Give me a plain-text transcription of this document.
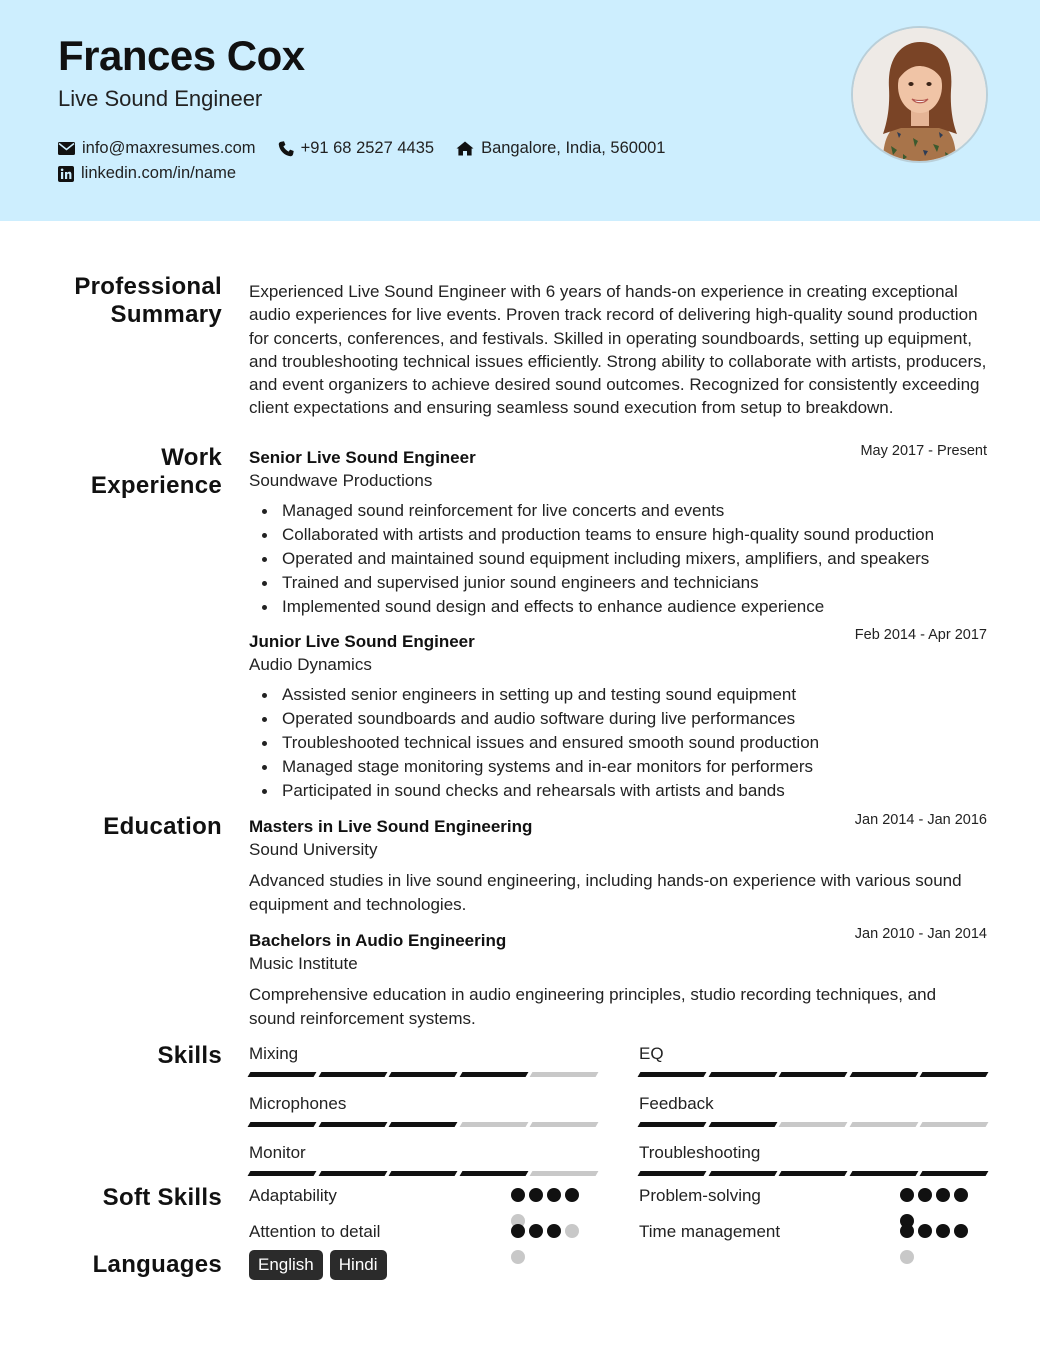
Frances Cox
Live Sound Engineer
info@maxresumes.com	+91 68 2527 4435	Bangalore, India, 560001
linkedin.com/in/name
Professional
Summary
Work
Experience
Education
Skills
Soft Skills
Languages
Experienced Live Sound Engineer with 6 years of hands-on experience in creating exceptional audio experiences for live events. Proven track record of delivering high-quality sound production for concerts, conferences, and festivals. Skilled in operating soundboards, setting up equipment, and troubleshooting technical issues efficiently. Strong ability to collaborate with artists, producers, and event organizers to achieve desired sound outcomes. Recognized for consistently exceeding client expectations and ensuring seamless sound execution from setup to breakdown.
Senior Live Sound Engineer
Soundwave Productions
May 2017 - Present
Managed sound reinforcement for live concerts and events
Collaborated with artists and production teams to ensure high-quality sound production
Operated and maintained sound equipment including mixers, amplifiers, and speakers
Trained and supervised junior sound engineers and technicians
Implemented sound design and effects to enhance audience experience
Junior Live Sound Engineer
Audio Dynamics
Feb 2014 - Apr 2017
Assisted senior engineers in setting up and testing sound equipment
Operated soundboards and audio software during live performances
Troubleshooted technical issues and ensured smooth sound production
Managed stage monitoring systems and in-ear monitors for performers
Participated in sound checks and rehearsals with artists and bands
Masters in Live Sound Engineering
Sound University
Jan 2014 - Jan 2016
Advanced studies in live sound engineering, including hands-on experience with various sound equipment and technologies.
Bachelors in Audio Engineering
Music Institute
Jan 2010 - Jan 2014
Comprehensive education in audio engineering principles, studio recording techniques, and sound reinforcement systems.
Mixing	EQ
Microphones	Feedback
Monitor	Troubleshooting
Adaptability	Problem-solving
Attention to detail	Time management
English	Hindi
